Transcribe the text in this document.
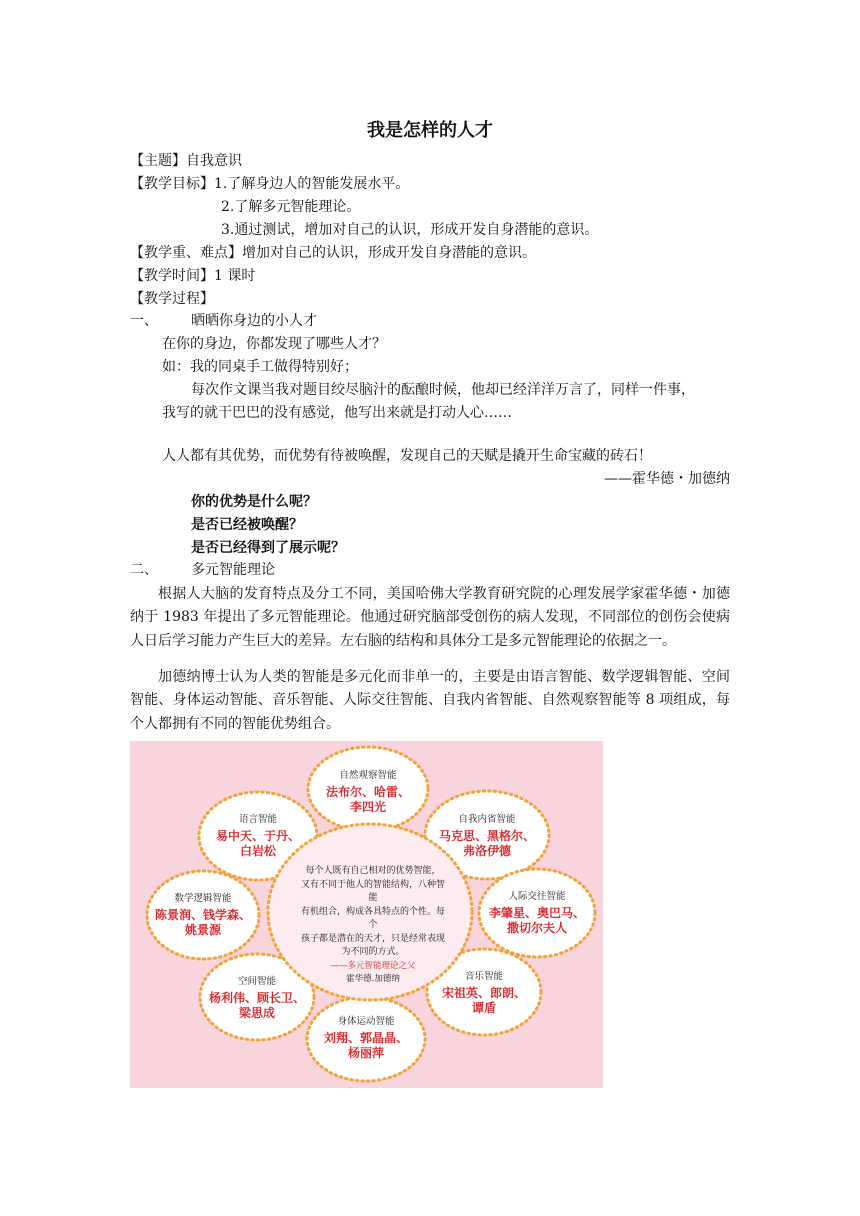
我是怎样的人才
【主题】自我意识
【教学目标】1.了解身边人的智能发展水平。
2.了解多元智能理论。
3.通过测试，增加对自己的认识，形成开发自身潜能的意识。
【教学重、难点】增加对自己的认识，形成开发自身潜能的意识。
【教学时间】1 课时
【教学过程】
一、 晒晒你身边的小人才
在你的身边，你都发现了哪些人才？
如：我的同桌手工做得特别好；
每次作文课当我对题目绞尽脑汁的酝酿时候，他却已经洋洋万言了，同样一件事，
我写的就干巴巴的没有感觉，他写出来就是打动人心……
人人都有其优势，而优势有待被唤醒，发现自己的天赋是撬开生命宝藏的砖石！
——霍华德・加德纳
你的优势是什么呢？
是否已经被唤醒？
是否已经得到了展示呢？
二、 多元智能理论
根据人大脑的发育特点及分工不同，美国哈佛大学教育研究院的心理发展学家霍华德・加德纳于 1983 年提出了多元智能理论。他通过研究脑部受创伤的病人发现，不同部位的创伤会使病人日后学习能力产生巨大的差异。左右脑的结构和具体分工是多元智能理论的依据之一。
加德纳博士认为人类的智能是多元化而非单一的，主要是由语言智能、数学逻辑智能、空间智能、身体运动智能、音乐智能、人际交往智能、自我内省智能、自然观察智能等 8 项组成，每个人都拥有不同的智能优势组合。
每个人既有自己相对的优势智能，
又有不同于他人的智能结构，八种智能
有机组合，构成各具特点的个性。每个
孩子都是潜在的天才，只是经常表现
为不同的方式。
——多元智能理论之父
霍华德.加德纳
自然观察智能
法布尔、哈雷、
李四光
自我内省智能
马克思、黑格尔、
弗洛伊德
人际交往智能
李肇星、奥巴马、
撒切尔夫人
音乐智能
宋祖英、郎朗、
谭盾
身体运动智能
刘翔、郭晶晶、
杨丽萍
空间智能
杨利伟、顾长卫、
梁思成
数学逻辑智能
陈景润、钱学森、
姚景源
语言智能
易中天、于丹、
白岩松
